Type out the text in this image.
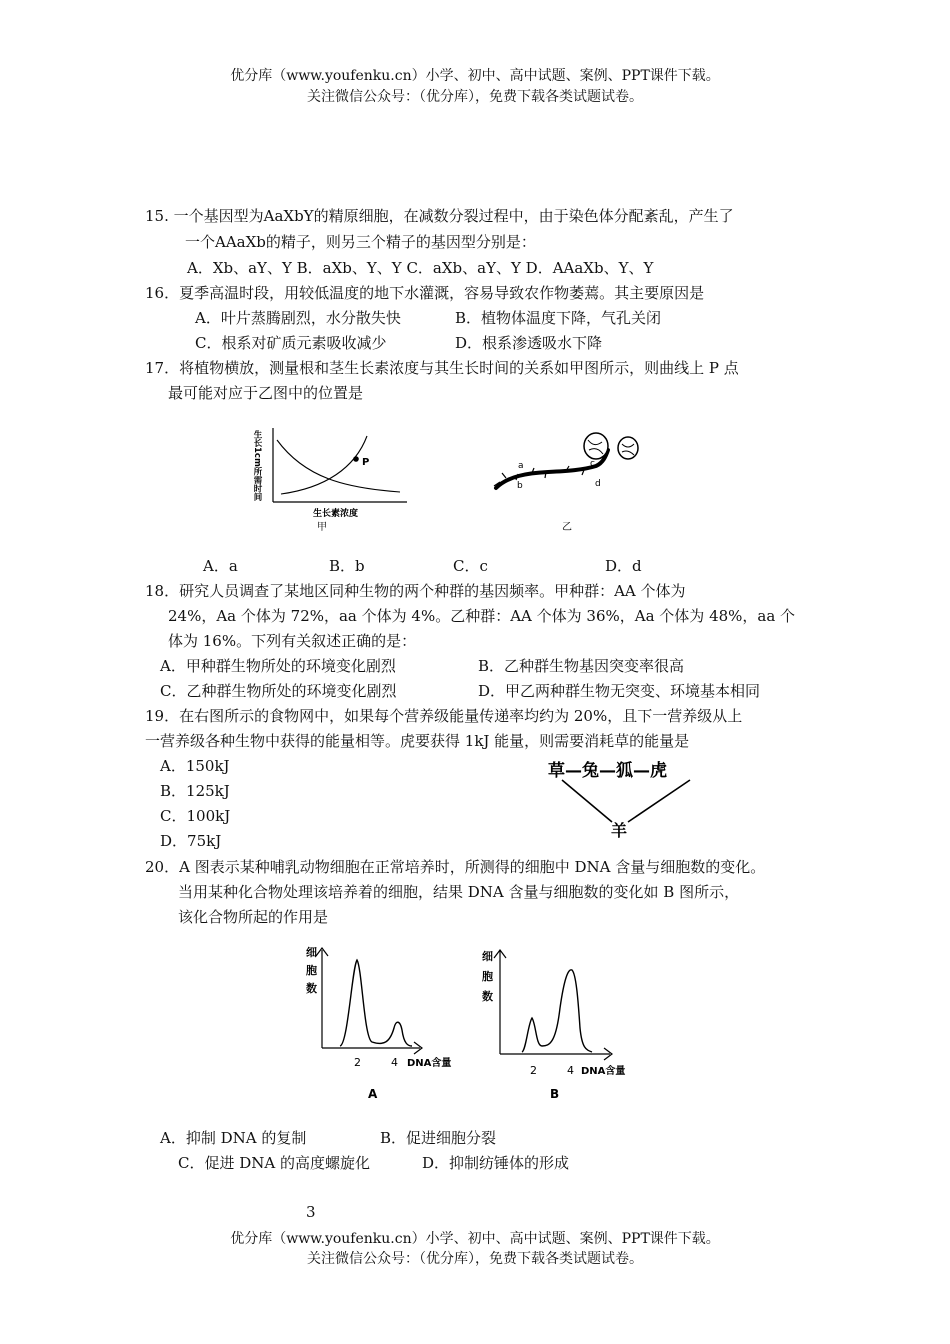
优分库（www.youfenku.cn）小学、初中、高中试题、案例、PPT课件下载。
关注微信公众号：（优分库），免费下载各类试题试卷。
15. 一个基因型为AaXbY的精原细胞，在减数分裂过程中，由于染色体分配紊乱，产生了
一个AAaXb的精子，则另三个精子的基因型分别是：
A．Xb、aY、Y B．aXb、Y、Y C．aXb、aY、Y D．AAaXb、Y、Y
16．夏季高温时段，用较低温度的地下水灌溉，容易导致农作物萎蔫。其主要原因是
A．叶片蒸腾剧烈，水分散失快	B．植物体温度下降，气孔关闭
C．根系对矿质元素吸收减少	D．根系渗透吸水下降
17．将植物横放，测量根和茎生长素浓度与其生长时间的关系如甲图所示，则曲线上 P 点
最可能对应于乙图中的位置是
P
生长1cm所需时间
生长素浓度
甲
a
b
c
d
乙
A．a	B．b	C．c	D．d
18．研究人员调查了某地区同种生物的两个种群的基因频率。甲种群：AA 个体为
24%，Aa 个体为 72%，aa 个体为 4%。乙种群：AA 个体为 36%，Aa 个体为 48%，aa 个
体为 16%。下列有关叙述正确的是：
A．甲种群生物所处的环境变化剧烈	B．乙种群生物基因突变率很高
C．乙种群生物所处的环境变化剧烈	D．甲乙两种群生物无突变、环境基本相同
19．在右图所示的食物网中，如果每个营养级能量传递率均约为 20%，且下一营养级从上
一营养级各种生物中获得的能量相等。虎要获得 1kJ 能量，则需要消耗草的能量是
A．150kJ
B．125kJ
C．100kJ
D．75kJ
草—兔—狐—虎
羊
20．A 图表示某种哺乳动物细胞在正常培养时，所测得的细胞中 DNA 含量与细胞数的变化。
当用某种化合物处理该培养着的细胞，结果 DNA 含量与细胞数的变化如 B 图所示，
该化合物所起的作用是
细
胞
数
2	4 DNA含量
A
细
胞
数
2	4 DNA含量
B
A．抑制 DNA 的复制	B．促进细胞分裂
C．促进 DNA 的高度螺旋化	D．抑制纺锤体的形成
3
优分库（www.youfenku.cn）小学、初中、高中试题、案例、PPT课件下载。
关注微信公众号：（优分库），免费下载各类试题试卷。
